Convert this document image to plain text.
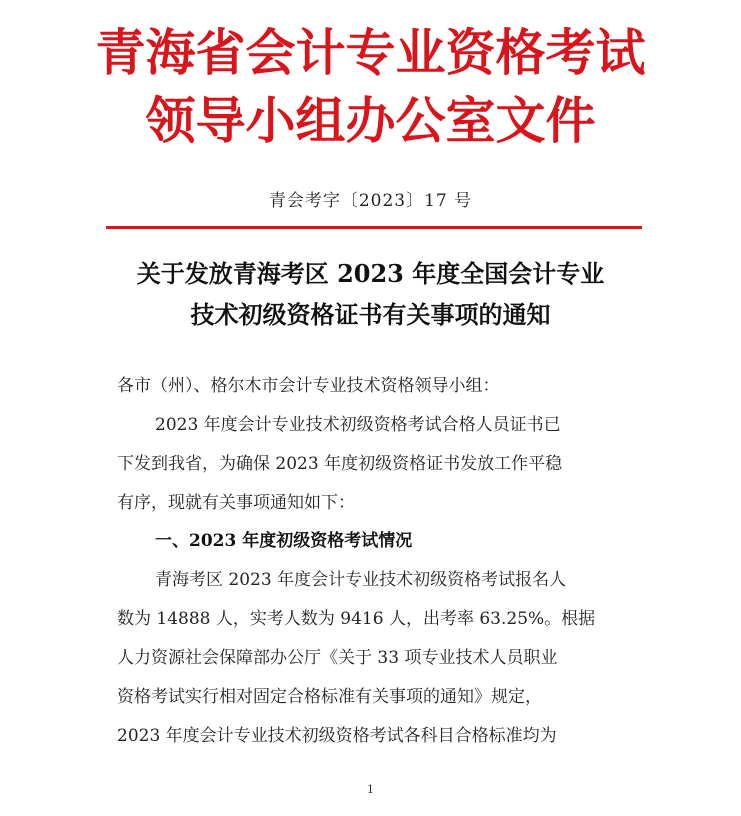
青海省会计专业资格考试
领导小组办公室文件
青会考字〔2023〕17 号
关于发放青海考区 2023 年度全国会计专业
技术初级资格证书有关事项的通知
各市（州）、格尔木市会计专业技术资格领导小组：
2023 年度会计专业技术初级资格考试合格人员证书已
下发到我省，为确保 2023 年度初级资格证书发放工作平稳
有序，现就有关事项通知如下：
一、2023 年度初级资格考试情况
青海考区 2023 年度会计专业技术初级资格考试报名人
数为 14888 人，实考人数为 9416 人，出考率 63.25%。根据
人力资源社会保障部办公厅《关于 33 项专业技术人员职业
资格考试实行相对固定合格标准有关事项的通知》规定，
2023 年度会计专业技术初级资格考试各科目合格标准均为
1
